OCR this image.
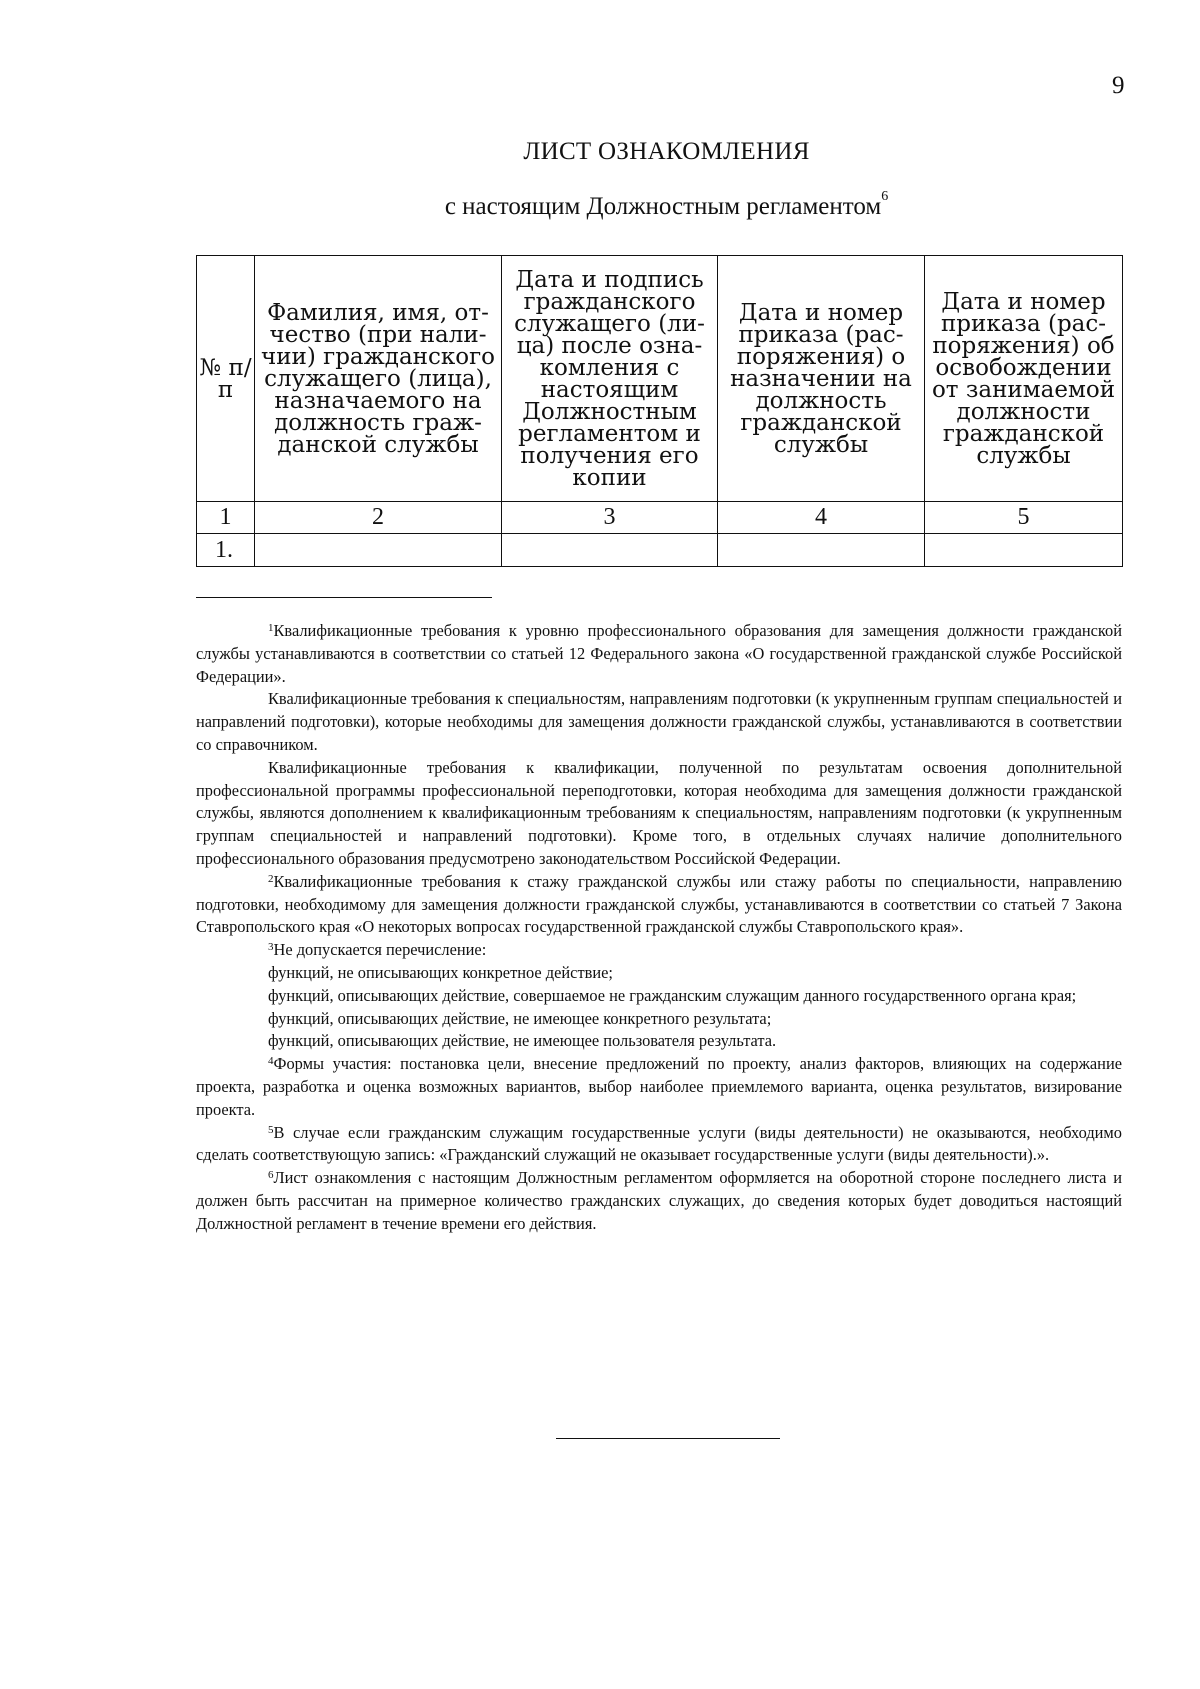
9
ЛИСТ ОЗНАКОМЛЕНИЯ
с настоящим Должностным регламентом$^6$
№ п/п	Фамилия, имя, от-чество (при нали-чии) гражданского служащего (лица), назначаемого на должность граж-данской службы	Дата и подпись гражданского служащего (ли-ца) после озна-комления с настоящим Должностным регламентом и получения его копии	Дата и номер приказа (рас-поряжения) о назначении на должность гражданской службы	Дата и номер приказа (рас-поряжения) об освобождении от занимаемой должности гражданской службы
1	2	3	4	5
1.				

$^1$Квалификационные требования к уровню профессионального образования для замещения должности гражданской службы устанавливаются в соответствии со статьей 12 Федерального закона «О государственной гражданской службе Российской Федерации».

Квалификационные требования к специальностям, направлениям подготовки (к укрупненным группам специальностей и направлений подготовки), которые необходимы для замещения должности гражданской службы, устанавливаются в соответствии со справочником.

Квалификационные требования к квалификации, полученной по результатам освоения дополнительной профессиональной программы профессиональной переподготовки, которая необходима для замещения должности гражданской службы, являются дополнением к квалификационным требованиям к специальностям, направлениям подготовки (к укрупненным группам специальностей и направлений подготовки). Кроме того, в отдельных случаях наличие дополнительного профессионального образования предусмотрено законодательством Российской Федерации.

$^2$Квалификационные требования к стажу гражданской службы или стажу работы по специальности, направлению подготовки, необходимому для замещения должности гражданской службы, устанавливаются в соответствии со статьей 7 Закона Ставропольского края «О некоторых вопросах государственной гражданской службы Ставропольского края».

$^3$Не допускается перечисление:

функций, не описывающих конкретное действие;

функций, описывающих действие, совершаемое не гражданским служащим данного государственного органа края;

функций, описывающих действие, не имеющее конкретного результата;

функций, описывающих действие, не имеющее пользователя результата.

$^4$Формы участия: постановка цели, внесение предложений по проекту, анализ факторов, влияющих на содержание проекта, разработка и оценка возможных вариантов, выбор наиболее приемлемого варианта, оценка результатов, визирование проекта.

$^5$В случае если гражданским служащим государственные услуги (виды деятельности) не оказываются, необходимо сделать соответствующую запись: «Гражданский служащий не оказывает государственные услуги (виды деятельности).».

$^6$Лист ознакомления с настоящим Должностным регламентом оформляется на оборотной стороне последнего листа и должен быть рассчитан на примерное количество гражданских служащих, до сведения которых будет доводиться настоящий Должностной регламент в течение времени его действия.
